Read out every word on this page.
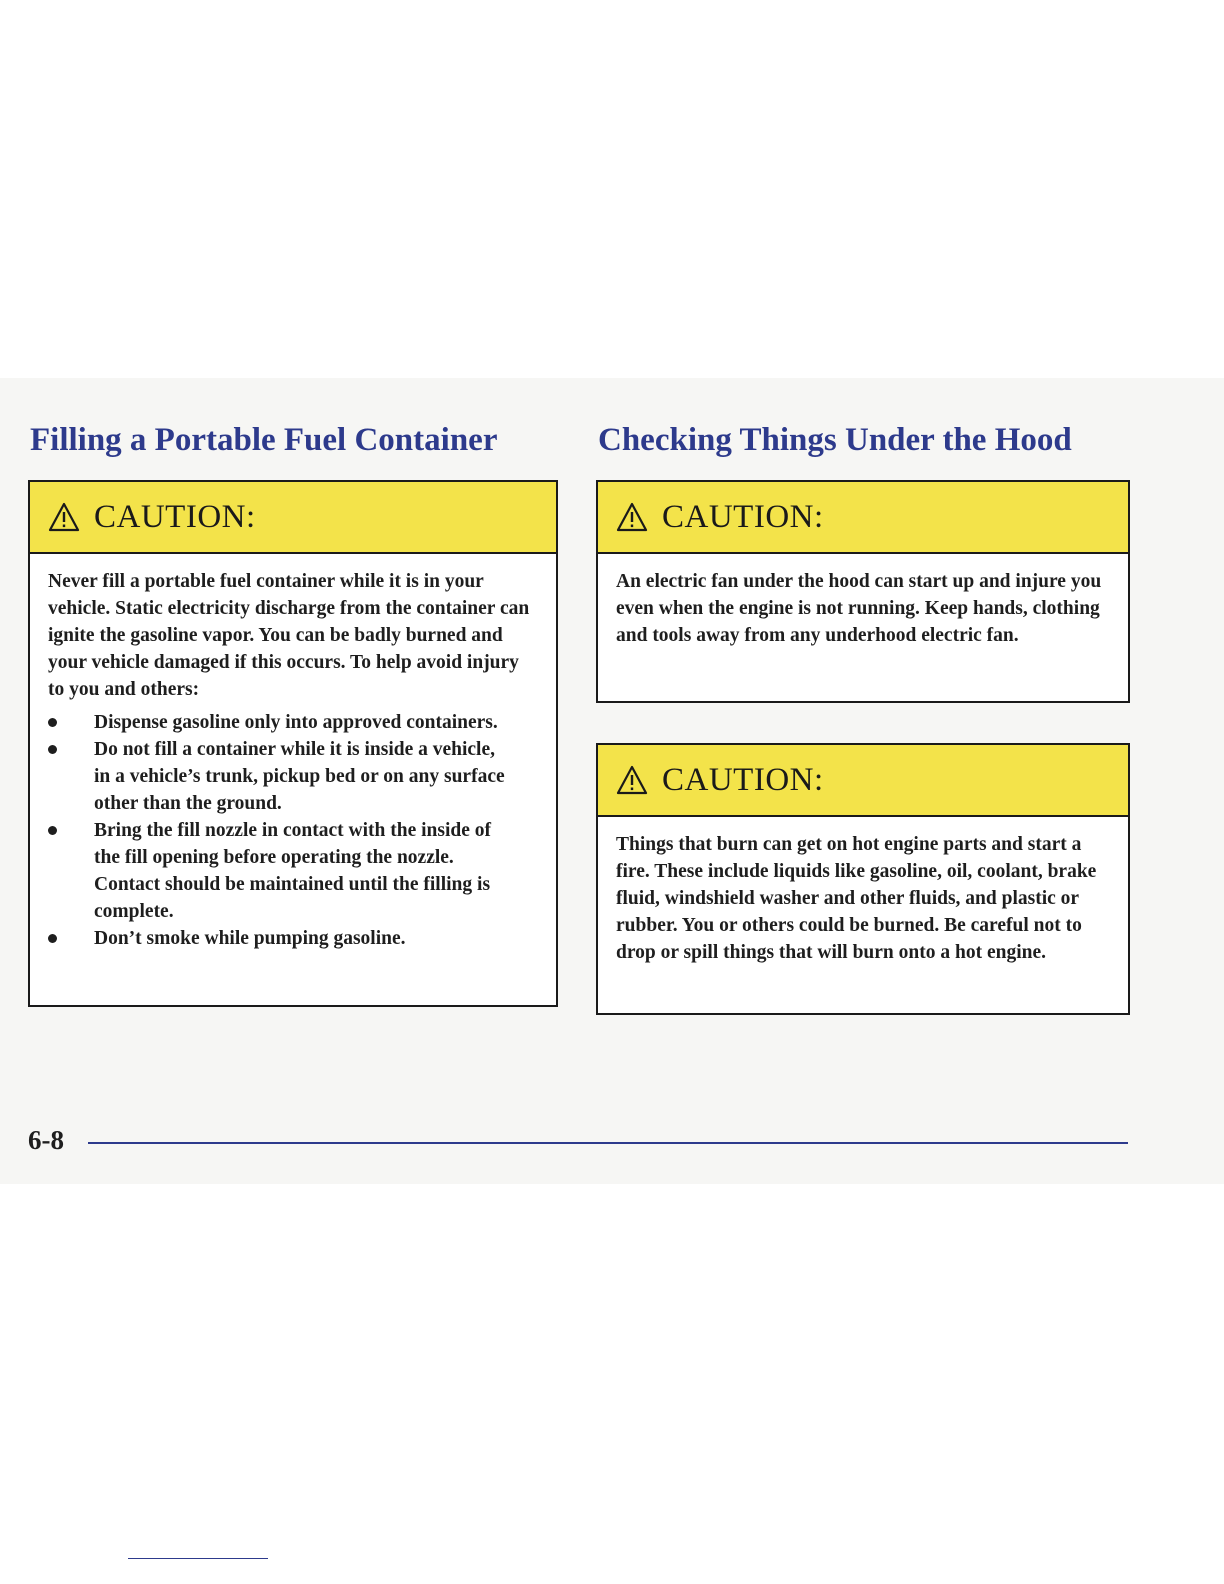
Filling a Portable Fuel Container
CAUTION:

Never fill a portable fuel container while it is in your vehicle. Static electricity discharge from the container can ignite the gasoline vapor. You can be badly burned and your vehicle damaged if this occurs. To help avoid injury to you and others:

Dispense gasoline only into approved containers.
Do not fill a container while it is inside a vehicle, in a vehicle’s trunk, pickup bed or on any surface other than the ground.
Bring the fill nozzle in contact with the inside of the fill opening before operating the nozzle. Contact should be maintained until the filling is complete.
Don’t smoke while pumping gasoline.
Checking Things Under the Hood
CAUTION:

An electric fan under the hood can start up and injure you even when the engine is not running. Keep hands, clothing and tools away from any underhood electric fan.

CAUTION:

Things that burn can get on hot engine parts and start a fire. These include liquids like gasoline, oil, coolant, brake fluid, windshield washer and other fluids, and plastic or rubber. You or others could be burned. Be careful not to drop or spill things that will burn onto a hot engine.

6-8
